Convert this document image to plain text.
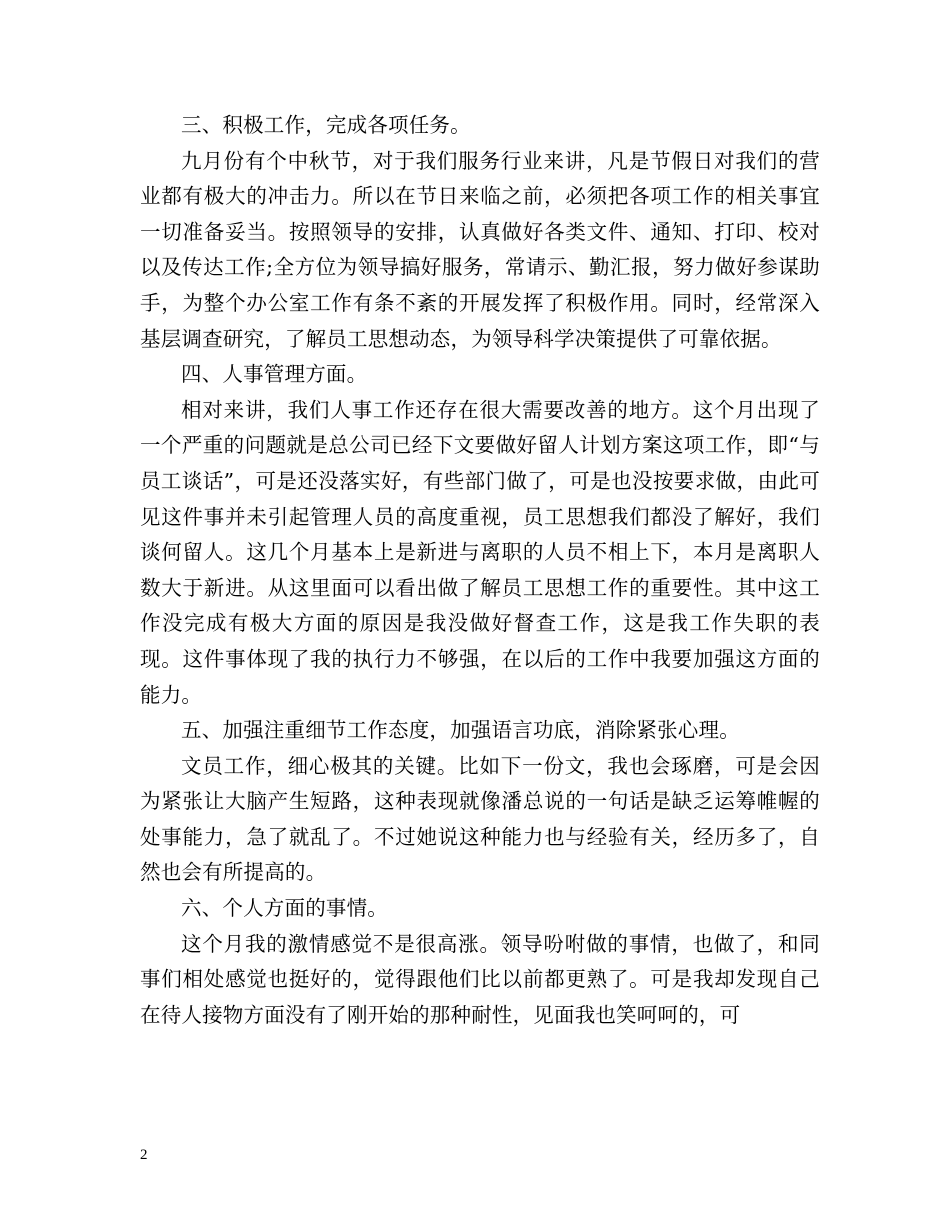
三、积极工作，完成各项任务。

九月份有个中秋节，对于我们服务行业来讲，凡是节假日对我们的营业都有极大的冲击力。所以在节日来临之前，必须把各项工作的相关事宜一切准备妥当。按照领导的安排，认真做好各类文件、通知、打印、校对以及传达工作;全方位为领导搞好服务，常请示、勤汇报，努力做好参谋助手，为整个办公室工作有条不紊的开展发挥了积极作用。同时，经常深入基层调查研究，了解员工思想动态，为领导科学决策提供了可靠依据。

四、人事管理方面。

相对来讲，我们人事工作还存在很大需要改善的地方。这个月出现了一个严重的问题就是总公司已经下文要做好留人计划方案这项工作，即“与员工谈话”，可是还没落实好，有些部门做了，可是也没按要求做，由此可见这件事并未引起管理人员的高度重视，员工思想我们都没了解好，我们谈何留人。这几个月基本上是新进与离职的人员不相上下，本月是离职人数大于新进。从这里面可以看出做了解员工思想工作的重要性。其中这工作没完成有极大方面的原因是我没做好督查工作，这是我工作失职的表现。这件事体现了我的执行力不够强，在以后的工作中我要加强这方面的能力。

五、加强注重细节工作态度，加强语言功底，消除紧张心理。

文员工作，细心极其的关键。比如下一份文，我也会琢磨，可是会因为紧张让大脑产生短路，这种表现就像潘总说的一句话是缺乏运筹帷幄的处事能力，急了就乱了。不过她说这种能力也与经验有关，经历多了，自然也会有所提高的。

六、个人方面的事情。

这个月我的激情感觉不是很高涨。领导吩咐做的事情，也做了，和同事们相处感觉也挺好的，觉得跟他们比以前都更熟了。可是我却发现自己在待人接物方面没有了刚开始的那种耐性，见面我也笑呵呵的，可

2
